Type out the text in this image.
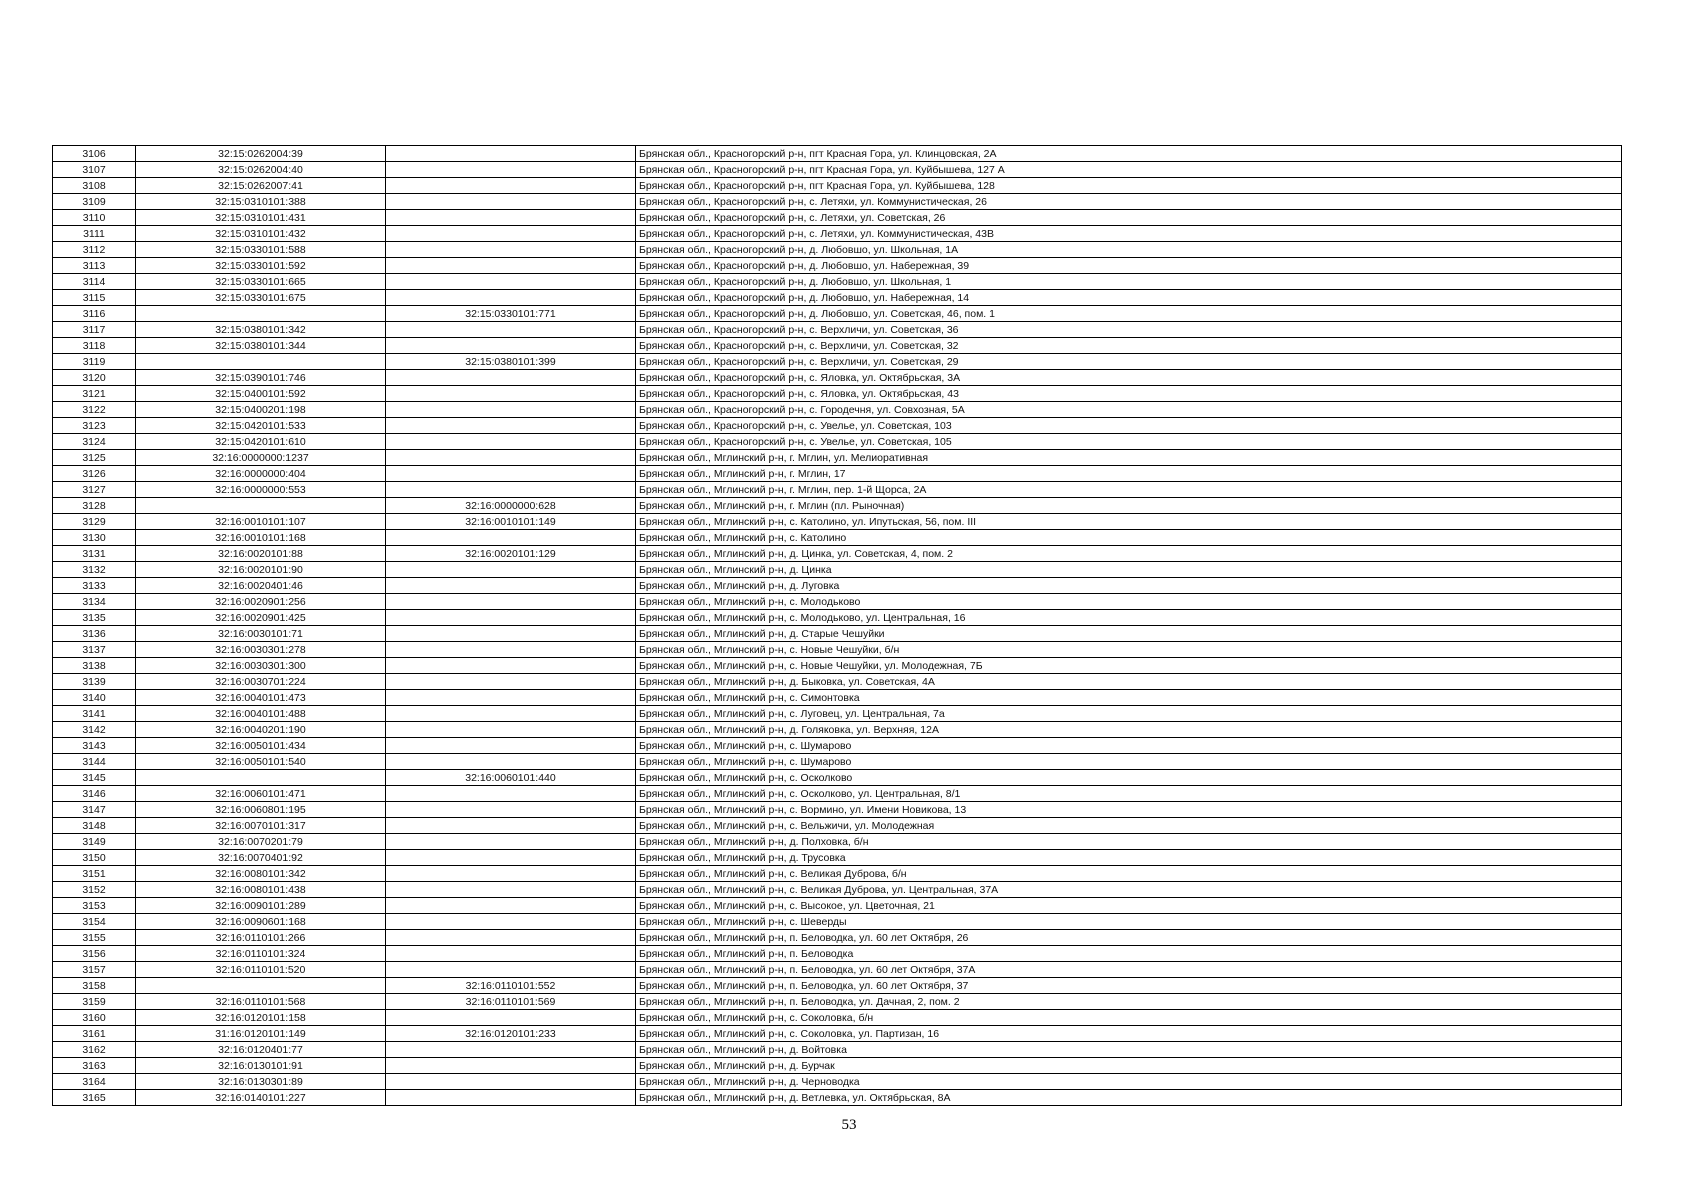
3106	32:15:0262004:39		Брянская обл., Красногорский р-н, пгт Красная Гора, ул. Клинцовская, 2А
3107	32:15:0262004:40		Брянская обл., Красногорский р-н, пгт Красная Гора, ул. Куйбышева, 127 А
3108	32:15:0262007:41		Брянская обл., Красногорский р-н, пгт Красная Гора, ул. Куйбышева, 128
3109	32:15:0310101:388		Брянская обл., Красногорский р-н, с. Летяхи, ул. Коммунистическая, 26
3110	32:15:0310101:431		Брянская обл., Красногорский р-н, с. Летяхи, ул. Советская, 26
3111	32:15:0310101:432		Брянская обл., Красногорский р-н, с. Летяхи, ул. Коммунистическая, 43В
3112	32:15:0330101:588		Брянская обл., Красногорский р-н, д. Любовшо, ул. Школьная, 1А
3113	32:15:0330101:592		Брянская обл., Красногорский р-н, д. Любовшо, ул. Набережная, 39
3114	32:15:0330101:665		Брянская обл., Красногорский р-н, д. Любовшо, ул. Школьная, 1
3115	32:15:0330101:675		Брянская обл., Красногорский р-н, д. Любовшо, ул. Набережная, 14
3116		32:15:0330101:771	Брянская обл., Красногорский р-н, д. Любовшо, ул. Советская, 46, пом. 1
3117	32:15:0380101:342		Брянская обл., Красногорский р-н, с. Верхличи, ул. Советская, 36
3118	32:15:0380101:344		Брянская обл., Красногорский р-н, с. Верхличи, ул. Советская, 32
3119		32:15:0380101:399	Брянская обл., Красногорский р-н, с. Верхличи, ул. Советская, 29
3120	32:15:0390101:746		Брянская обл., Красногорский р-н, с. Яловка, ул. Октябрьская, 3А
3121	32:15:0400101:592		Брянская обл., Красногорский р-н, с. Яловка, ул. Октябрьская, 43
3122	32:15:0400201:198		Брянская обл., Красногорский р-н, с. Городечня, ул. Совхозная, 5А
3123	32:15:0420101:533		Брянская обл., Красногорский р-н, с. Увелье, ул. Советская, 103
3124	32:15:0420101:610		Брянская обл., Красногорский р-н, с. Увелье, ул. Советская, 105
3125	32:16:0000000:1237		Брянская обл., Мглинский р-н, г. Мглин, ул. Мелиоративная
3126	32:16:0000000:404		Брянская обл., Мглинский р-н, г. Мглин, 17
3127	32:16:0000000:553		Брянская обл., Мглинский р-н, г. Мглин, пер. 1-й Щорса, 2А
3128		32:16:0000000:628	Брянская обл., Мглинский р-н, г. Мглин (пл. Рыночная)
3129	32:16:0010101:107	32:16:0010101:149	Брянская обл., Мглинский р-н, с. Католино, ул. Ипутьская, 56, пом. III
3130	32:16:0010101:168		Брянская обл., Мглинский р-н, с. Католино
3131	32:16:0020101:88	32:16:0020101:129	Брянская обл., Мглинский р-н, д. Цинка, ул. Советская, 4, пом. 2
3132	32:16:0020101:90		Брянская обл., Мглинский р-н, д. Цинка
3133	32:16:0020401:46		Брянская обл., Мглинский р-н, д. Луговка
3134	32:16:0020901:256		Брянская обл., Мглинский р-н, с. Молодьково
3135	32:16:0020901:425		Брянская обл., Мглинский р-н, с. Молодьково, ул. Центральная, 16
3136	32:16:0030101:71		Брянская обл., Мглинский р-н, д. Старые Чешуйки
3137	32:16:0030301:278		Брянская обл., Мглинский р-н, с. Новые Чешуйки, б/н
3138	32:16:0030301:300		Брянская обл., Мглинский р-н, с. Новые Чешуйки, ул. Молодежная, 7Б
3139	32:16:0030701:224		Брянская обл., Мглинский р-н, д. Быковка, ул. Советская, 4А
3140	32:16:0040101:473		Брянская обл., Мглинский р-н, с. Симонтовка
3141	32:16:0040101:488		Брянская обл., Мглинский р-н, с. Луговец, ул. Центральная, 7а
3142	32:16:0040201:190		Брянская обл., Мглинский р-н, д. Голяковка, ул. Верхняя, 12А
3143	32:16:0050101:434		Брянская обл., Мглинский р-н, с. Шумарово
3144	32:16:0050101:540		Брянская обл., Мглинский р-н, с. Шумарово
3145		32:16:0060101:440	Брянская обл., Мглинский р-н, с. Осколково
3146	32:16:0060101:471		Брянская обл., Мглинский р-н, с. Осколково, ул. Центральная, 8/1
3147	32:16:0060801:195		Брянская обл., Мглинский р-н, с. Вормино, ул. Имени Новикова, 13
3148	32:16:0070101:317		Брянская обл., Мглинский р-н, с. Вельжичи, ул. Молодежная
3149	32:16:0070201:79		Брянская обл., Мглинский р-н, д. Полховка, б/н
3150	32:16:0070401:92		Брянская обл., Мглинский р-н, д. Трусовка
3151	32:16:0080101:342		Брянская обл., Мглинский р-н, с. Великая Дуброва, б/н
3152	32:16:0080101:438		Брянская обл., Мглинский р-н, с. Великая Дуброва, ул. Центральная, 37А
3153	32:16:0090101:289		Брянская обл., Мглинский р-н, с. Высокое, ул. Цветочная, 21
3154	32:16:0090601:168		Брянская обл., Мглинский р-н, с. Шеверды
3155	32:16:0110101:266		Брянская обл., Мглинский р-н, п. Беловодка, ул. 60 лет Октября, 26
3156	32:16:0110101:324		Брянская обл., Мглинский р-н, п. Беловодка
3157	32:16:0110101:520		Брянская обл., Мглинский р-н, п. Беловодка, ул. 60 лет Октября, 37А
3158		32:16:0110101:552	Брянская обл., Мглинский р-н, п. Беловодка, ул. 60 лет Октября, 37
3159	32:16:0110101:568	32:16:0110101:569	Брянская обл., Мглинский р-н, п. Беловодка, ул. Дачная, 2, пом. 2
3160	32:16:0120101:158		Брянская обл., Мглинский р-н, с. Соколовка, б/н
3161	31:16:0120101:149	32:16:0120101:233	Брянская обл., Мглинский р-н, с. Соколовка, ул. Партизан, 16
3162	32:16:0120401:77		Брянская обл., Мглинский р-н, д. Войтовка
3163	32:16:0130101:91		Брянская обл., Мглинский р-н, д. Бурчак
3164	32:16:0130301:89		Брянская обл., Мглинский р-н, д. Черноводка
3165	32:16:0140101:227		Брянская обл., Мглинский р-н, д. Ветлевка, ул. Октябрьская, 8А
53
